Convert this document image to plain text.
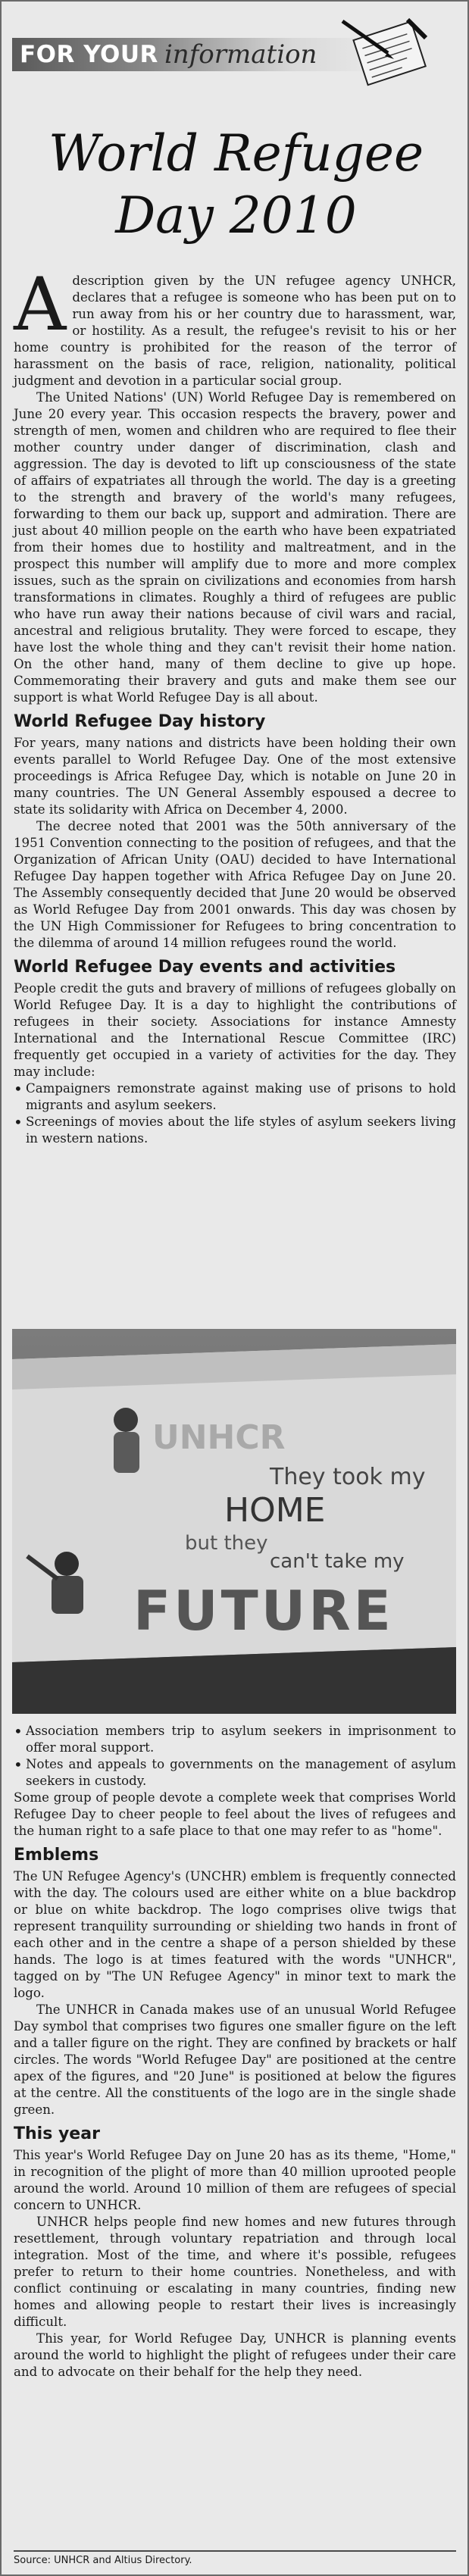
FOR YOUR information
World Refugee
Day 2010

Adescription given by the UN refugee agency UNHCR, declares that a refugee is someone who has been put on to run away from his or her country due to harassment, war, or hostility. As a result, the refugee's revisit to his or her home country is prohibited for the reason of the terror of harassment on the basis of race, religion, nationality, political judgment and devotion in a particular social group.

The United Nations' (UN) World Refugee Day is remembered on June 20 every year. This occasion respects the bravery, power and strength of men, women and children who are required to flee their mother country under danger of discrimination, clash and aggression. The day is devoted to lift up consciousness of the state of affairs of expatriates all through the world. The day is a greeting to the strength and bravery of the world's many refugees, forwarding to them our back up, support and admiration. There are just about 40 million people on the earth who have been expatriated from their homes due to hostility and maltreatment, and in the prospect this number will amplify due to more and more complex issues, such as the sprain on civilizations and economies from harsh transformations in climates. Roughly a third of refugees are public who have run away their nations because of civil wars and racial, ancestral and religious brutality. They were forced to escape, they have lost the whole thing and they can't revisit their home nation. On the other hand, many of them decline to give up hope. Commemorating their bravery and guts and make them see our support is what World Refugee Day is all about.

World Refugee Day history

For years, many nations and districts have been holding their own events parallel to World Refugee Day. One of the most extensive proceedings is Africa Refugee Day, which is notable on June 20 in many countries. The UN General Assembly espoused a decree to state its solidarity with Africa on December 4, 2000.

The decree noted that 2001 was the 50th anniversary of the 1951 Convention connecting to the position of refugees, and that the Organization of African Unity (OAU) decided to have International Refugee Day happen together with Africa Refugee Day on June 20. The Assembly consequently decided that June 20 would be observed as World Refugee Day from 2001 onwards. This day was chosen by the UN High Commissioner for Refugees to bring concentration to the dilemma of around 14 million refugees round the world.

World Refugee Day events and activities

People credit the guts and bravery of millions of refugees globally on World Refugee Day. It is a day to highlight the contributions of refugees in their society. Associations for instance Amnesty International and the International Rescue Committee (IRC) frequently get occupied in a variety of activities for the day. They may include:

• Campaigners remonstrate against making use of prisons to hold migrants and asylum seekers.
• Screenings of movies about the life styles of asylum seekers living in western nations.
UNHCR
They took my
HOME
but they
can't take my
FUTURE
• Association members trip to asylum seekers in imprisonment to offer moral support.
• Notes and appeals to governments on the management of asylum seekers in custody.

Some group of people devote a complete week that comprises World Refugee Day to cheer people to feel about the lives of refugees and the human right to a safe place to that one may refer to as "home".

Emblems

The UN Refugee Agency's (UNCHR) emblem is frequently connected with the day. The colours used are either white on a blue backdrop or blue on white backdrop. The logo comprises olive twigs that represent tranquility surrounding or shielding two hands in front of each other and in the centre a shape of a person shielded by these hands. The logo is at times featured with the words "UNHCR", tagged on by "The UN Refugee Agency" in minor text to mark the logo.

The UNHCR in Canada makes use of an unusual World Refugee Day symbol that comprises two figures one smaller figure on the left and a taller figure on the right. They are confined by brackets or half circles. The words "World Refugee Day" are positioned at the centre apex of the figures, and "20 June" is positioned at below the figures at the centre. All the constituents of the logo are in the single shade green.

This year

This year's World Refugee Day on June 20 has as its theme, "Home," in recognition of the plight of more than 40 million uprooted people around the world. Around 10 million of them are refugees of special concern to UNHCR.

UNHCR helps people find new homes and new futures through resettlement, through voluntary repatriation and through local integration. Most of the time, and where it's possible, refugees prefer to return to their home countries. Nonetheless, and with conflict continuing or escalating in many countries, finding new homes and allowing people to restart their lives is increasingly difficult.

This year, for World Refugee Day, UNHCR is planning events around the world to highlight the plight of refugees under their care and to advocate on their behalf for the help they need.

Source: UNHCR and Altius Directory.
